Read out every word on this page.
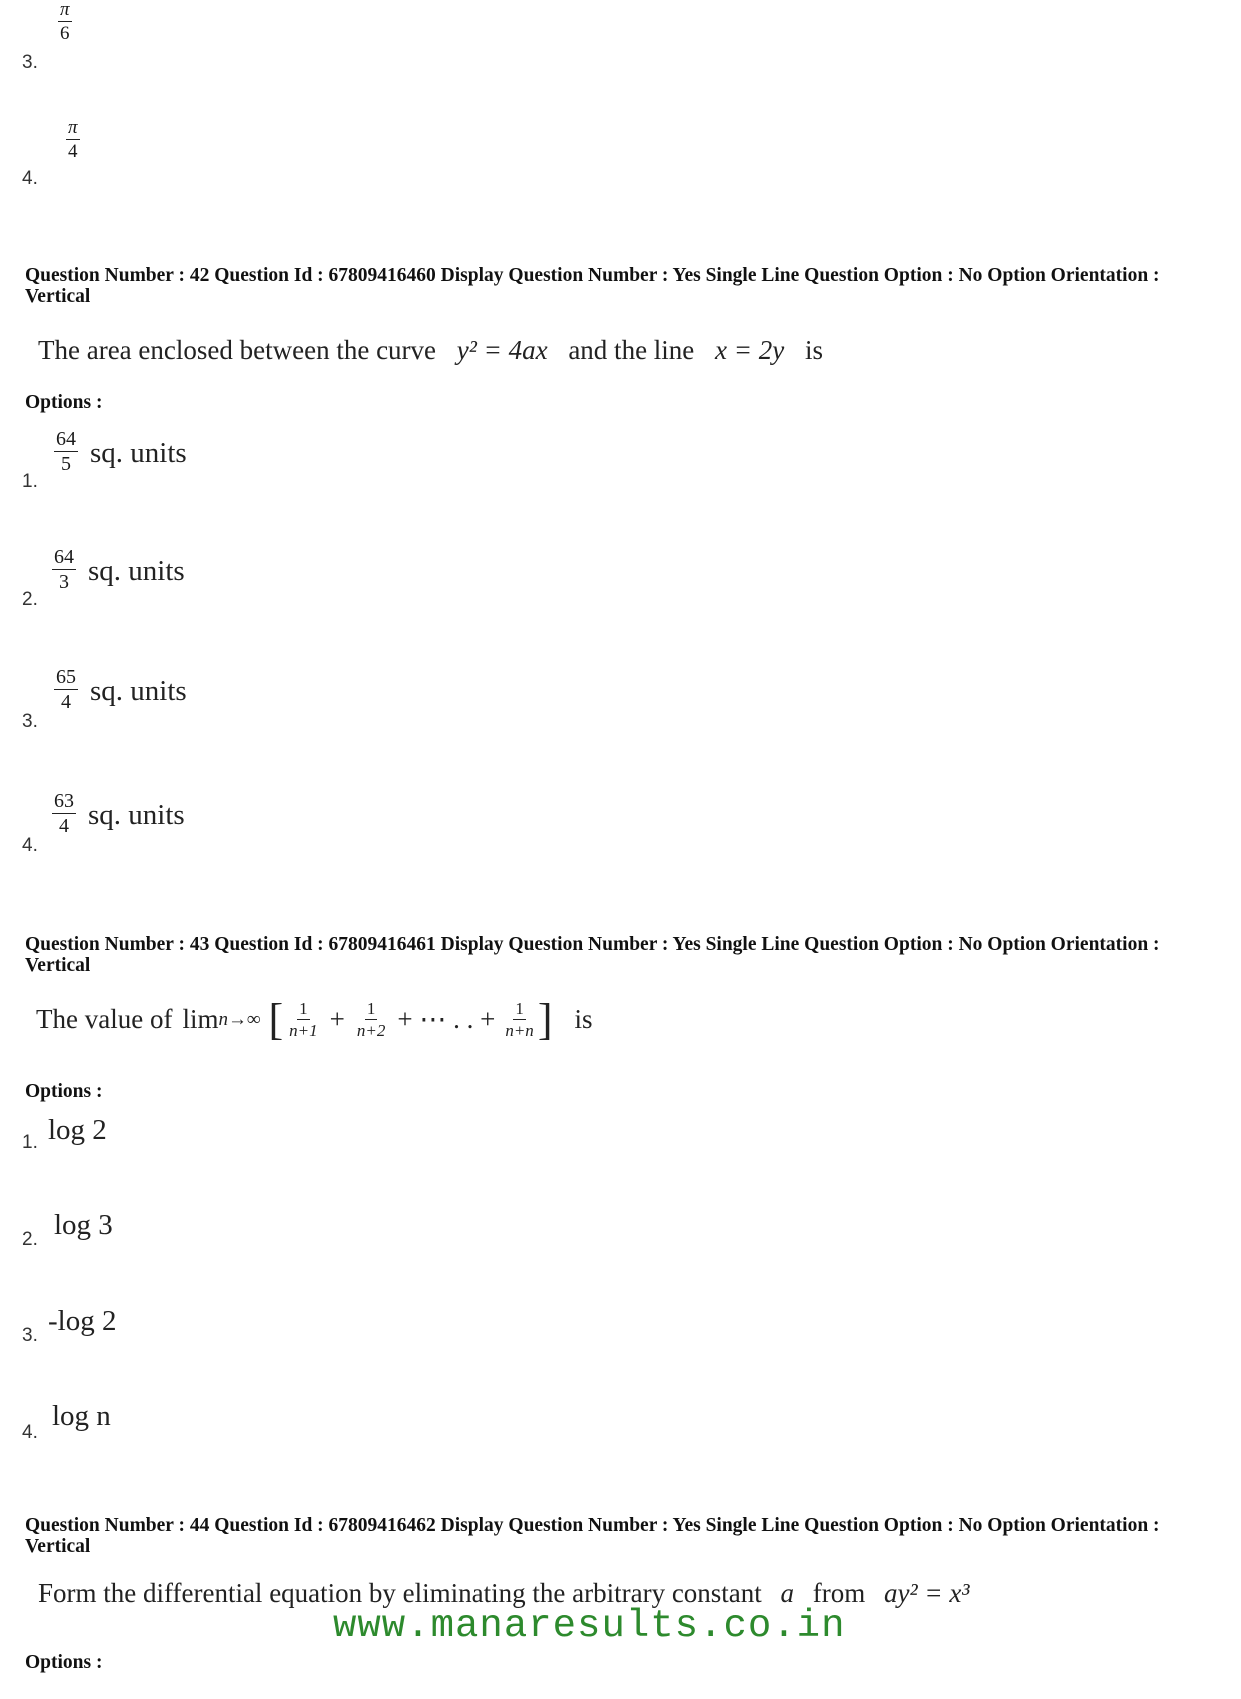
$\frac{\pi}{6}$
3.
$\frac{\pi}{4}$
4.
Question Number : 42 Question Id : 67809416460 Display Question Number : Yes Single Line Question Option : No Option Orientation : Vertical
The area enclosed between the curve y² = 4ax and the line x = 2y is
Options :
$\frac{64}{5}$ sq. units
1.
$\frac{64}{3}$ sq. units
2.
$\frac{65}{4}$ sq. units
3.
$\frac{63}{4}$ sq. units
4.
Question Number : 43 Question Id : 67809416461 Display Question Number : Yes Single Line Question Option : No Option Orientation : Vertical
The value of lim n→∞ [ $\frac{1}{n+1} + \frac{1}{n+2}$ + ⋯ . . + $\frac{1}{n+n}$ ] is
Options :
log 2
1.
log 3
2.
-log 2
3.
log n
4.
Question Number : 44 Question Id : 67809416462 Display Question Number : Yes Single Line Question Option : No Option Orientation : Vertical
Form the differential equation by eliminating the arbitrary constant a from ay² = x³
www.manaresults.co.in
Options :
